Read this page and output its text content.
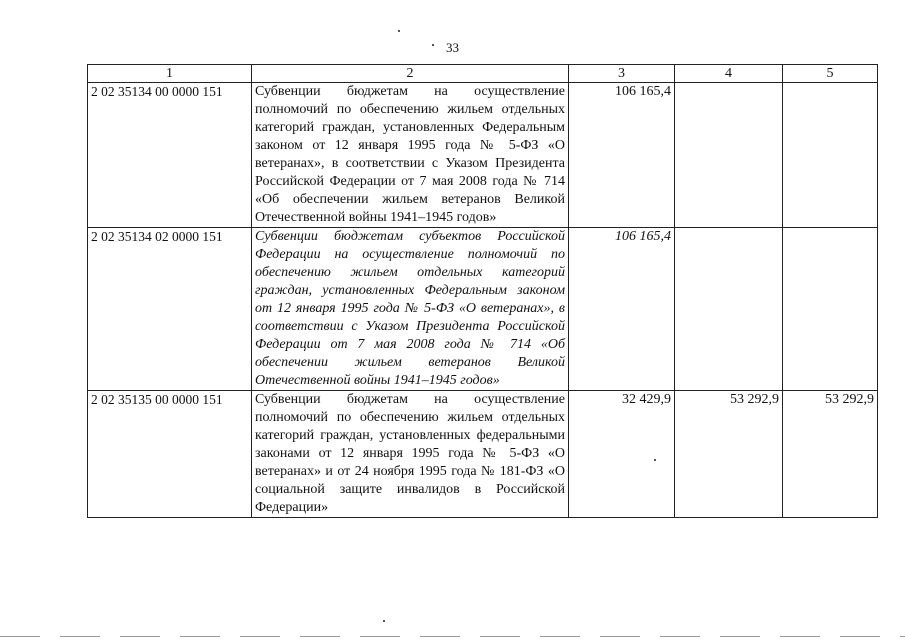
33
1	2	3	4	5
2 02 35134 00 0000 151	Субвенции бюджетам на осуществление полномочий по обеспечению жильем отдельных категорий граждан, установленных Федеральным законом от 12 января 1995 года № 5-ФЗ «О ветеранах», в соответствии с Указом Президента Российской Федерации от 7 мая 2008 года № 714 «Об обеспечении жильем ветеранов Великой Отечественной войны 1941–1945 годов»	106 165,4		
2 02 35134 02 0000 151	Субвенции бюджетам субъектов Российской Федерации на осуществление полномочий по обеспечению жильем отдельных категорий граждан, установленных Федеральным законом от 12 января 1995 года № 5-ФЗ «О ветеранах», в соответствии с Указом Президента Российской Федерации от 7 мая 2008 года № 714 «Об обеспечении жильем ветеранов Великой Отечественной войны 1941–1945 годов»	106 165,4		
2 02 35135 00 0000 151	Субвенции бюджетам на осуществление полномочий по обеспечению жильем отдельных категорий граждан, установленных федеральными законами от 12 января 1995 года № 5-ФЗ «О ветеранах» и от 24 ноября 1995 года № 181-ФЗ «О социальной защите инвалидов в Российской Федерации»	32 429,9	53 292,9	53 292,9
